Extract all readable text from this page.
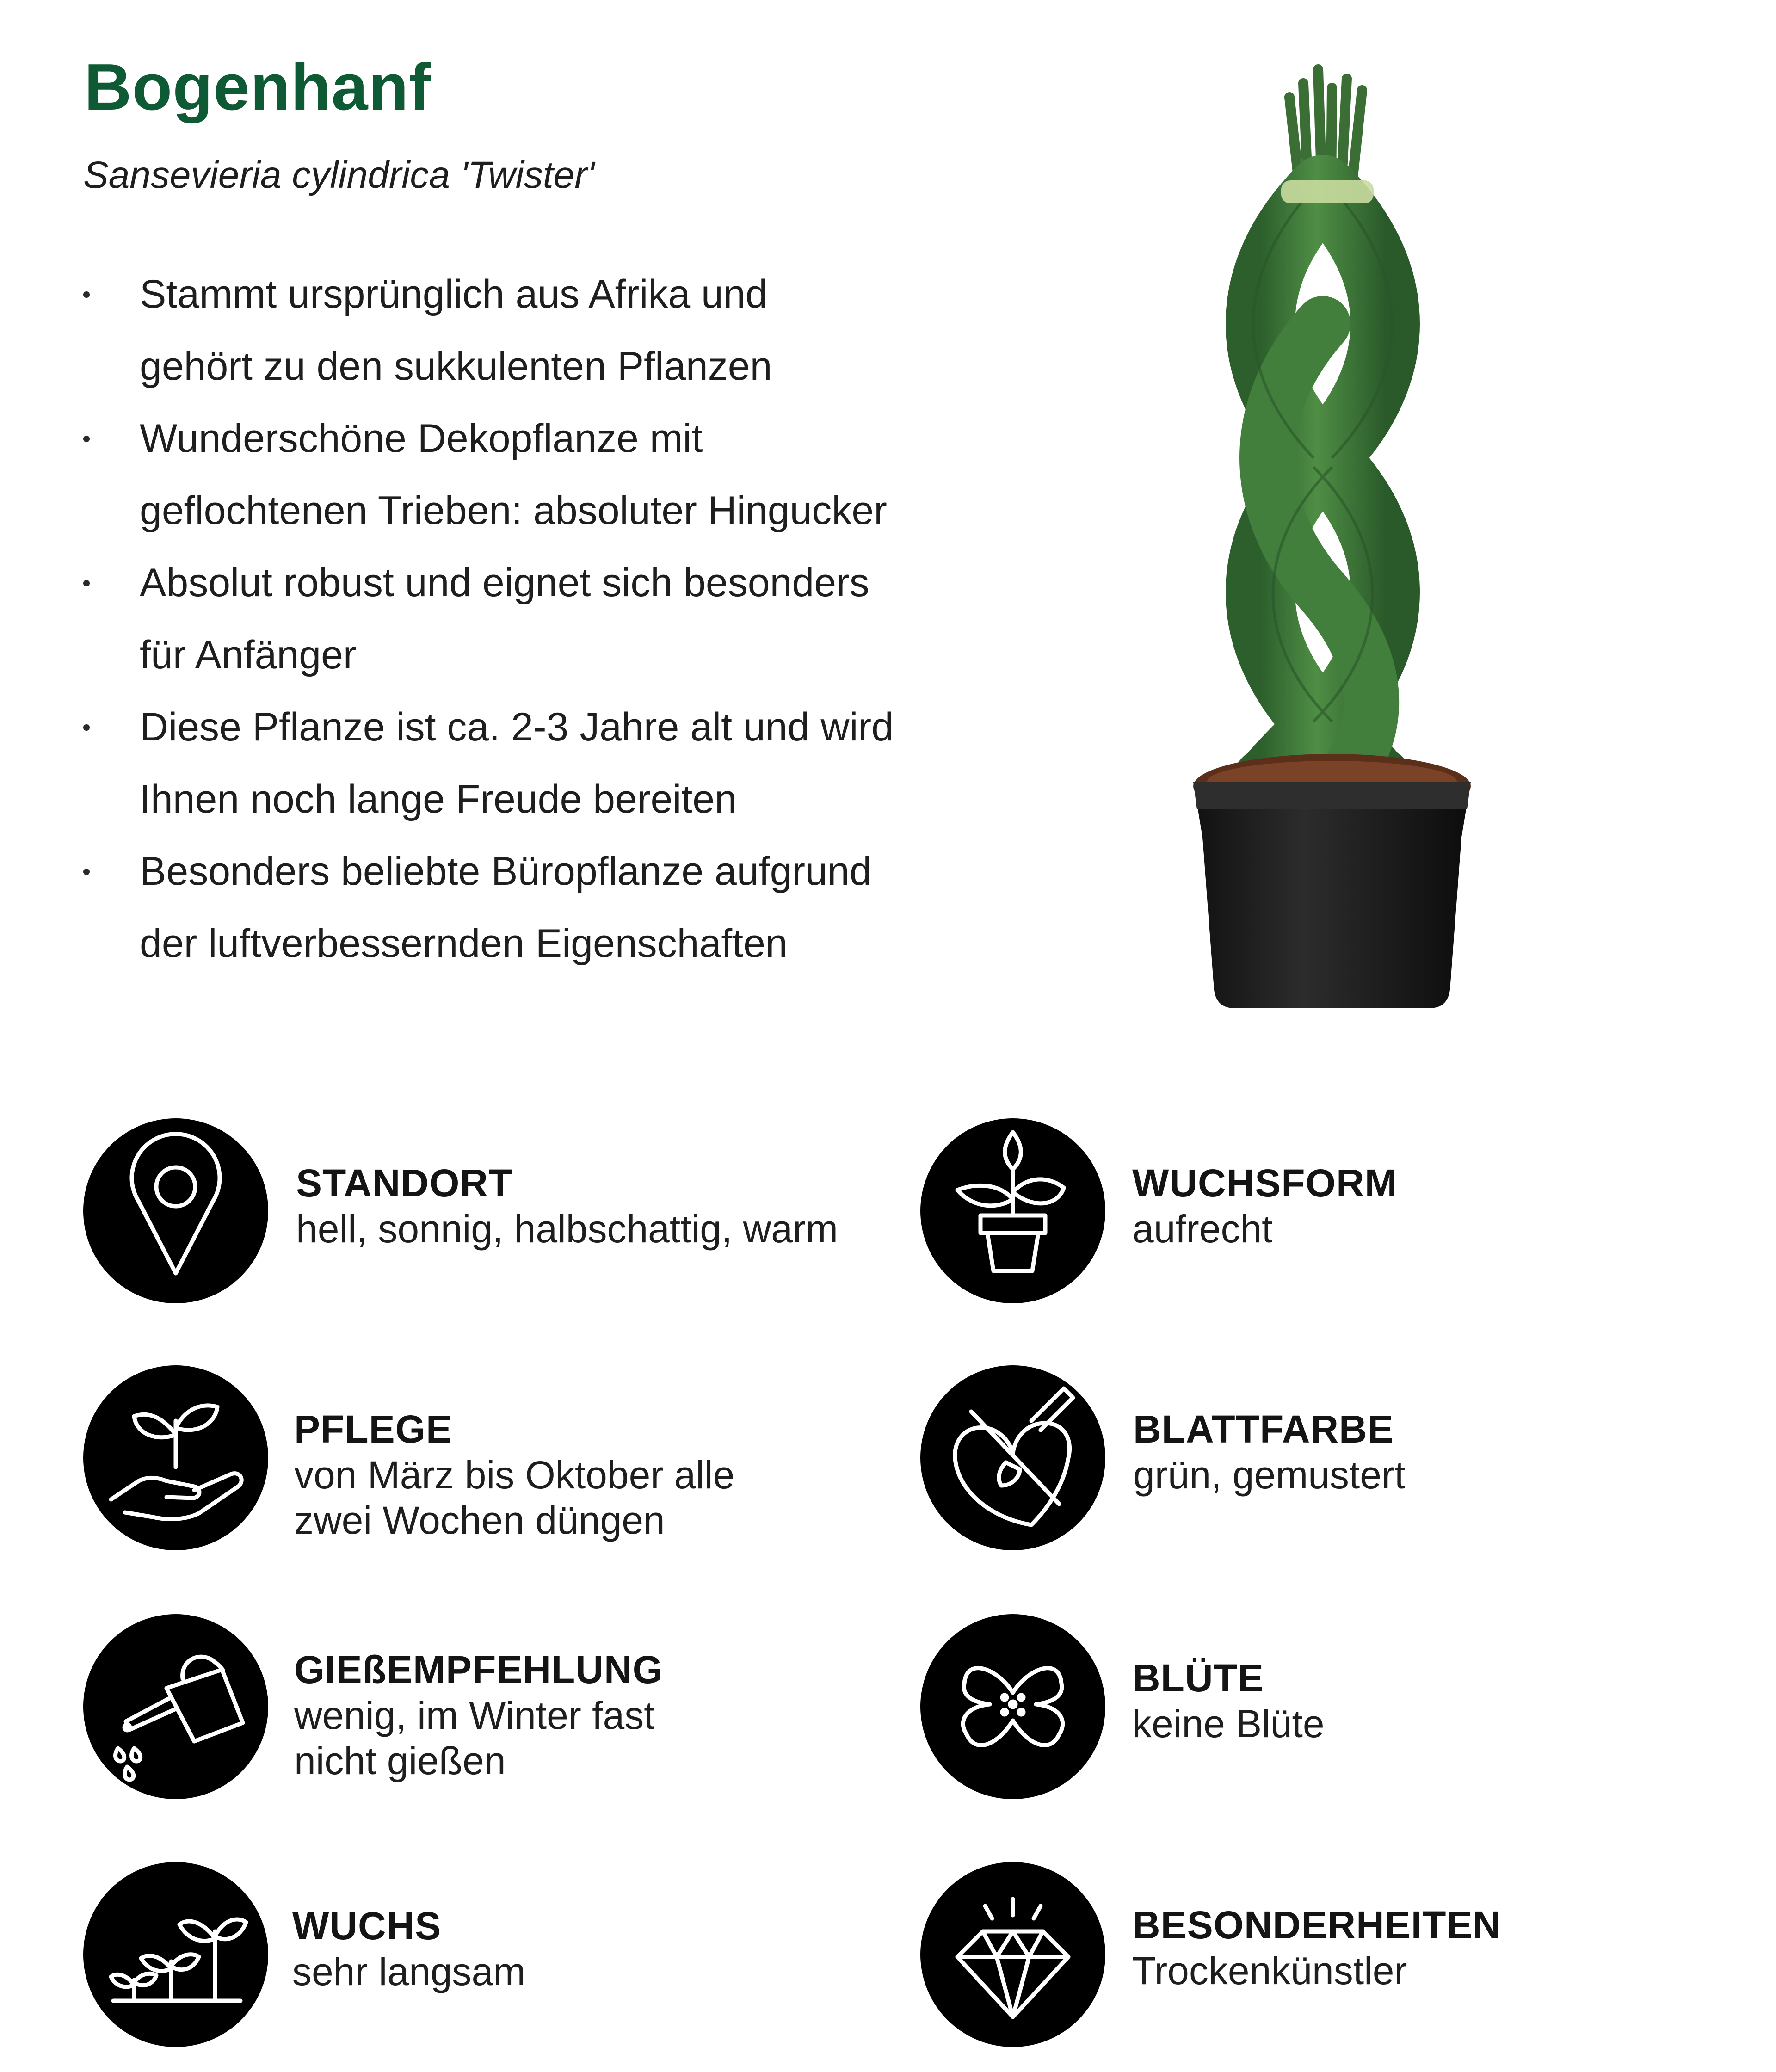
Bogenhanf
Sansevieria cylindrica 'Twister'
Stammt ursprünglich aus Afrika und
gehört zu den sukkulenten Pflanzen
Wunderschöne Dekopflanze mit
geflochtenen Trieben: absoluter Hingucker
Absolut robust und eignet sich besonders
für Anfänger
Diese Pflanze ist ca. 2-3 Jahre alt und wird
Ihnen noch lange Freude bereiten
Besonders beliebte Büropflanze aufgrund
der luftverbessernden Eigenschaften
STANDORT
hell, sonnig, halbschattig, warm
WUCHSFORM
aufrecht
PFLEGE
von März bis Oktober alle
zwei Wochen düngen
BLATTFARBE
grün, gemustert
GIEßEMPFEHLUNG
wenig, im Winter fast
nicht gießen
BLÜTE
keine Blüte
WUCHS
sehr langsam
BESONDERHEITEN
Trockenkünstler
